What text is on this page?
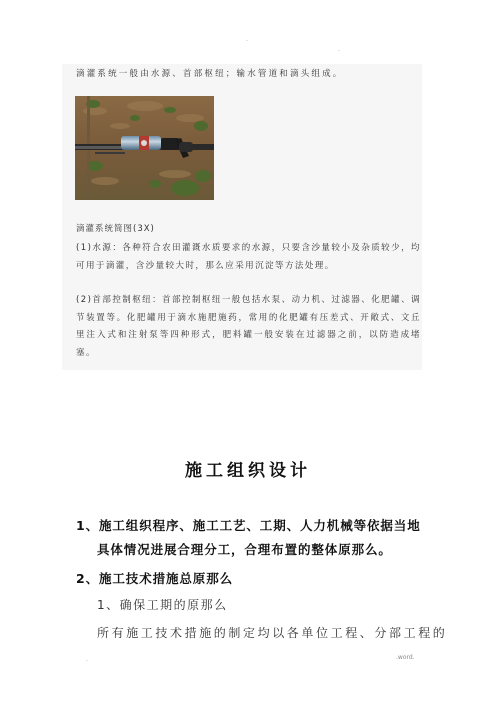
.
.
滴灌系统一般由水源、首部枢纽；输水管道和滴头组成。
滴灌系统简图(3X)
(1)水源：各种符合农田灌溉水质要求的水源，只要含沙量较小及杂质较少，均可用于滴灌，含沙量较大时，那么应采用沉淀等方法处理。
(2)首部控制枢纽：首部控制枢纽一般包括水泵、动力机、过滤器、化肥罐、调节装置等。化肥罐用于滴水施肥施药，常用的化肥罐有压差式、开敞式、文丘里注入式和注射泵等四种形式，肥料罐一般安装在过滤器之前，以防造成堵塞。
施工组织设计
1、施工组织程序、施工工艺、工期、人力机械等依据当地
具体情况进展合理分工，合理布置的整体原那么。
2、施工技术措施总原那么
1、确保工期的原那么
所有施工技术措施的制定均以各单位工程、分部工程的
.	.word.
